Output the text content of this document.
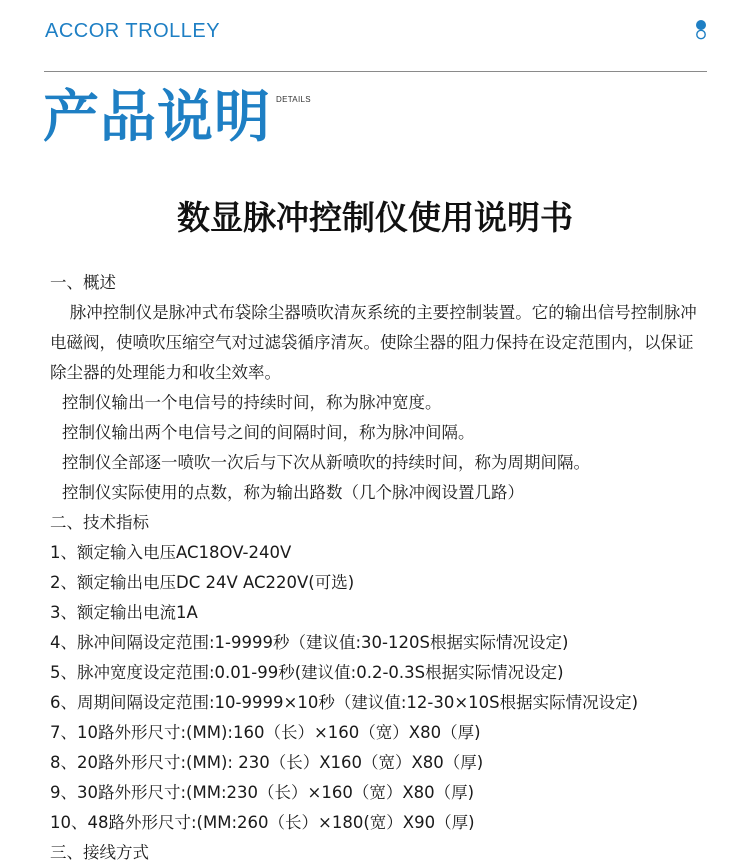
ACCOR TROLLEY
产品说明 DETAILS
数显脉冲控制仪使用说明书
一、概述
脉冲控制仪是脉冲式布袋除尘器喷吹清灰系统的主要控制装置。它的输出信号控制脉冲电磁阀，使喷吹压缩空气对过滤袋循序清灰。使除尘器的阻力保持在设定范围内，以保证除尘器的处理能力和收尘效率。
控制仪输出一个电信号的持续时间，称为脉冲宽度。
控制仪输出两个电信号之间的间隔时间，称为脉冲间隔。
控制仪全部逐一喷吹一次后与下次从新喷吹的持续时间，称为周期间隔。
控制仪实际使用的点数，称为输出路数（几个脉冲阀设置几路）
二、技术指标
1、额定输入电压AC18OV-240V
2、额定输出电压DC 24V AC220V(可选)
3、额定输出电流1A
4、脉冲间隔设定范围:1-9999秒（建议值:30-120S根据实际情况设定)
5、脉冲宽度设定范围:0.01-99秒(建议值:0.2-0.3S根据实际情况设定)
6、周期间隔设定范围:10-9999×10秒（建议值:12-30×10S根据实际情况设定)
7、10路外形尺寸:(MM):160（长）×160（宽）X80（厚)
8、20路外形尺寸:(MM): 230（长）X160（宽）X80（厚)
9、30路外形尺寸:(MM:230（长）×160（宽）X80（厚)
10、48路外形尺寸:(MM:260（长）×180(宽）X90（厚)
三、接线方式
